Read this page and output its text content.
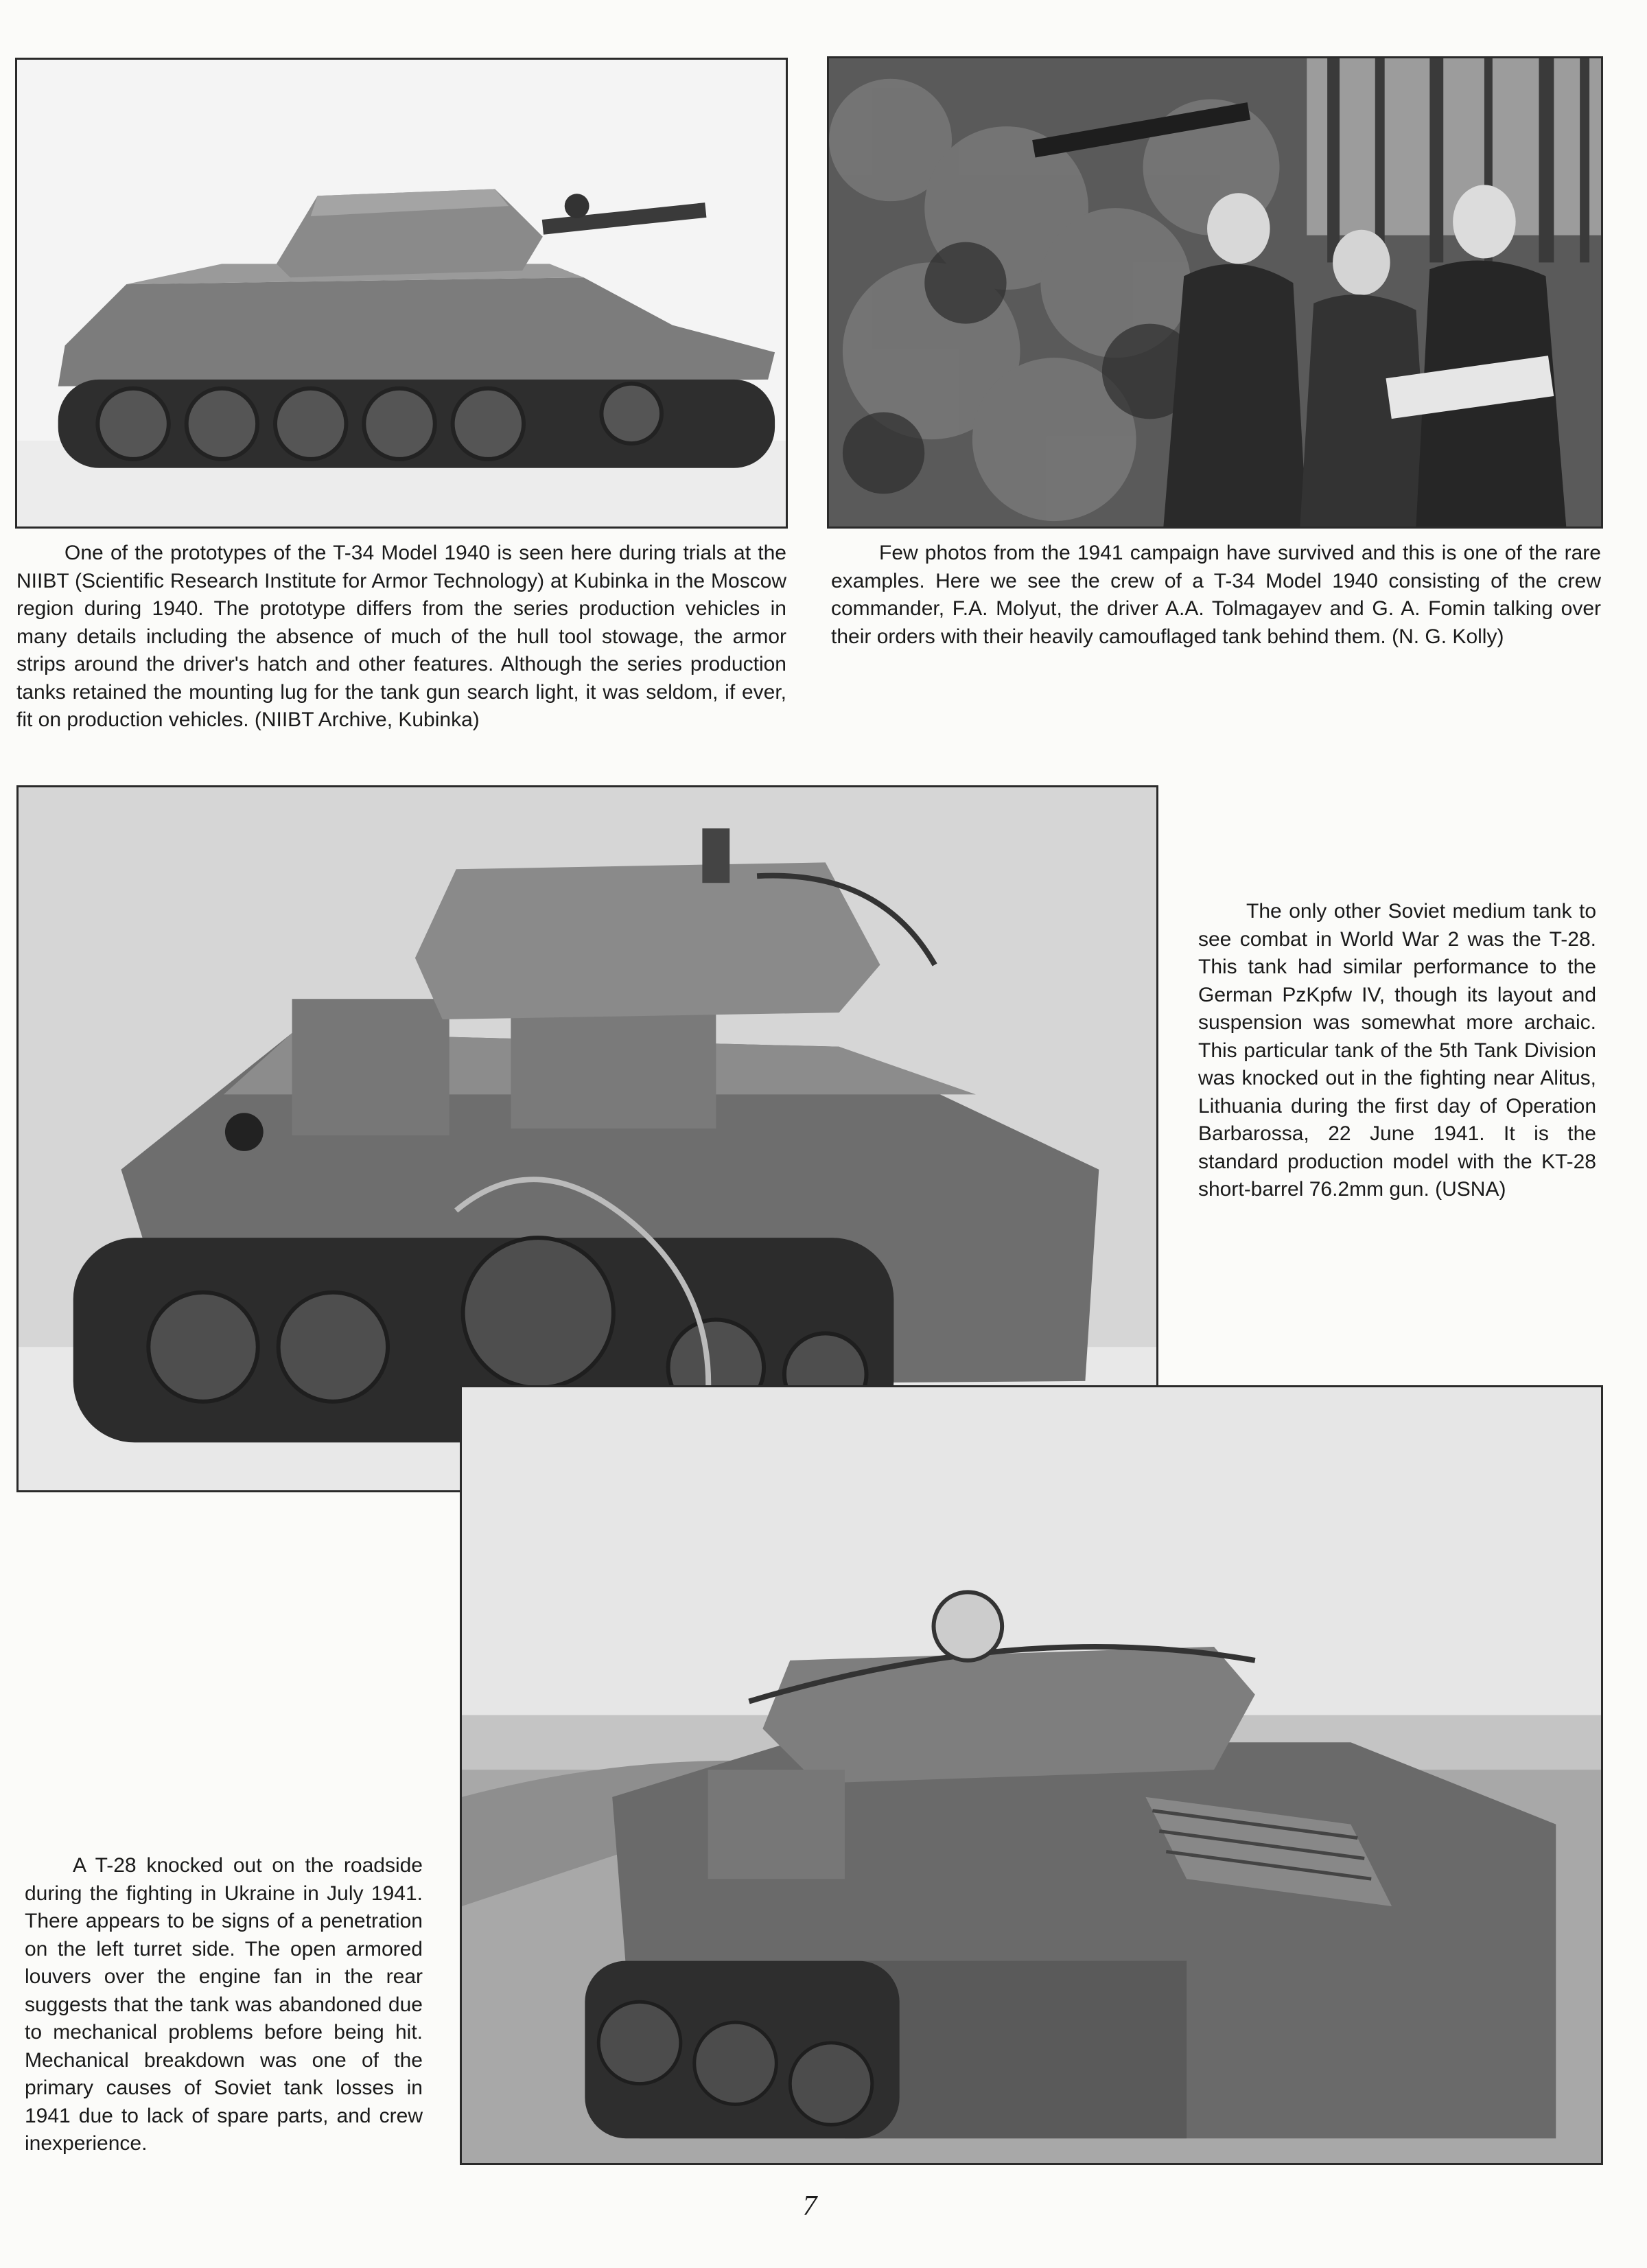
One of the prototypes of the T-34 Model 1940 is seen here during trials at the NIIBT (Scientific Research Institute for Armor Technology) at Kubinka in the Moscow region during 1940. The prototype differs from the series production vehicles in many details including the absence of much of the hull tool stowage, the armor strips around the driver's hatch and other features. Although the series production tanks retained the mounting lug for the tank gun search light, it was seldom, if ever, fit on production vehicles. (NIIBT Archive, Kubinka)

Few photos from the 1941 campaign have survived and this is one of the rare examples. Here we see the crew of a T-34 Model 1940 consisting of the crew commander, F.A. Molyut, the driver A.A. Tolmagayev and G. A. Fomin talking over their orders with their heavily camouflaged tank behind them. (N. G. Kolly)

The only other Soviet medium tank to see combat in World War 2 was the T-28. This tank had similar performance to the German PzKpfw IV, though its layout and suspension was somewhat more archaic. This particular tank of the 5th Tank Division was knocked out in the fighting near Alitus, Lithuania during the first day of Operation Barbarossa, 22 June 1941. It is the standard production model with the KT-28 short-barrel 76.2mm gun. (USNA)

A T-28 knocked out on the roadside during the fighting in Ukraine in July 1941. There appears to be signs of a penetration on the left turret side. The open armored louvers over the engine fan in the rear suggests that the tank was abandoned due to mechanical problems before being hit. Mechanical breakdown was one of the primary causes of Soviet tank losses in 1941 due to lack of spare parts, and crew inexperience.

7
